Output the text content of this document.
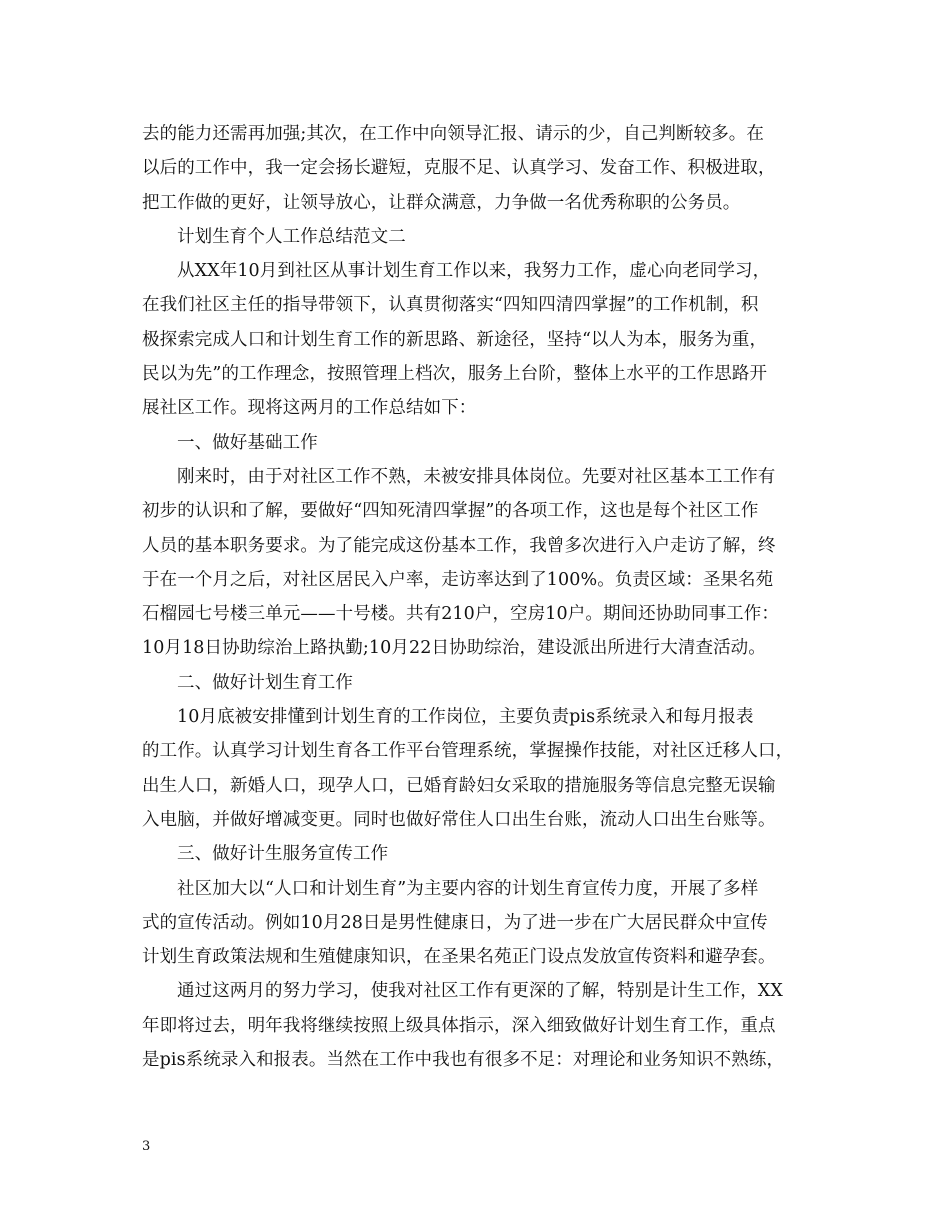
去的能力还需再加强;其次，在工作中向领导汇报、请示的少，自己判断较多。在
以后的工作中，我一定会扬长避短，克服不足、认真学习、发奋工作、积极进取，
把工作做的更好，让领导放心，让群众满意，力争做一名优秀称职的公务员。
计划生育个人工作总结范文二
从XX年10月到社区从事计划生育工作以来，我努力工作，虚心向老同学习，
在我们社区主任的指导带领下，认真贯彻落实“四知四清四掌握”的工作机制，积
极探索完成人口和计划生育工作的新思路、新途径，坚持“以人为本，服务为重，
民以为先”的工作理念，按照管理上档次，服务上台阶，整体上水平的工作思路开
展社区工作。现将这两月的工作总结如下：
一、做好基础工作
刚来时，由于对社区工作不熟，未被安排具体岗位。先要对社区基本工工作有
初步的认识和了解，要做好“四知死清四掌握”的各项工作，这也是每个社区工作
人员的基本职务要求。为了能完成这份基本工作，我曾多次进行入户走访了解，终
于在一个月之后，对社区居民入户率，走访率达到了100%。负责区域：圣果名苑
石榴园七号楼三单元——十号楼。共有210户，空房10户。期间还协助同事工作：
10月18日协助综治上路执勤;10月22日协助综治，建设派出所进行大清查活动。
二、做好计划生育工作
10月底被安排懂到计划生育的工作岗位，主要负责pis系统录入和每月报表
的工作。认真学习计划生育各工作平台管理系统，掌握操作技能，对社区迁移人口，
出生人口，新婚人口，现孕人口，已婚育龄妇女采取的措施服务等信息完整无误输
入电脑，并做好增减变更。同时也做好常住人口出生台账，流动人口出生台账等。
三、做好计生服务宣传工作
社区加大以“人口和计划生育”为主要内容的计划生育宣传力度，开展了多样
式的宣传活动。例如10月28日是男性健康日，为了进一步在广大居民群众中宣传
计划生育政策法规和生殖健康知识，在圣果名苑正门设点发放宣传资料和避孕套。
通过这两月的努力学习，使我对社区工作有更深的了解，特别是计生工作，XX
年即将过去，明年我将继续按照上级具体指示，深入细致做好计划生育工作，重点
是pis系统录入和报表。当然在工作中我也有很多不足：对理论和业务知识不熟练，
3
